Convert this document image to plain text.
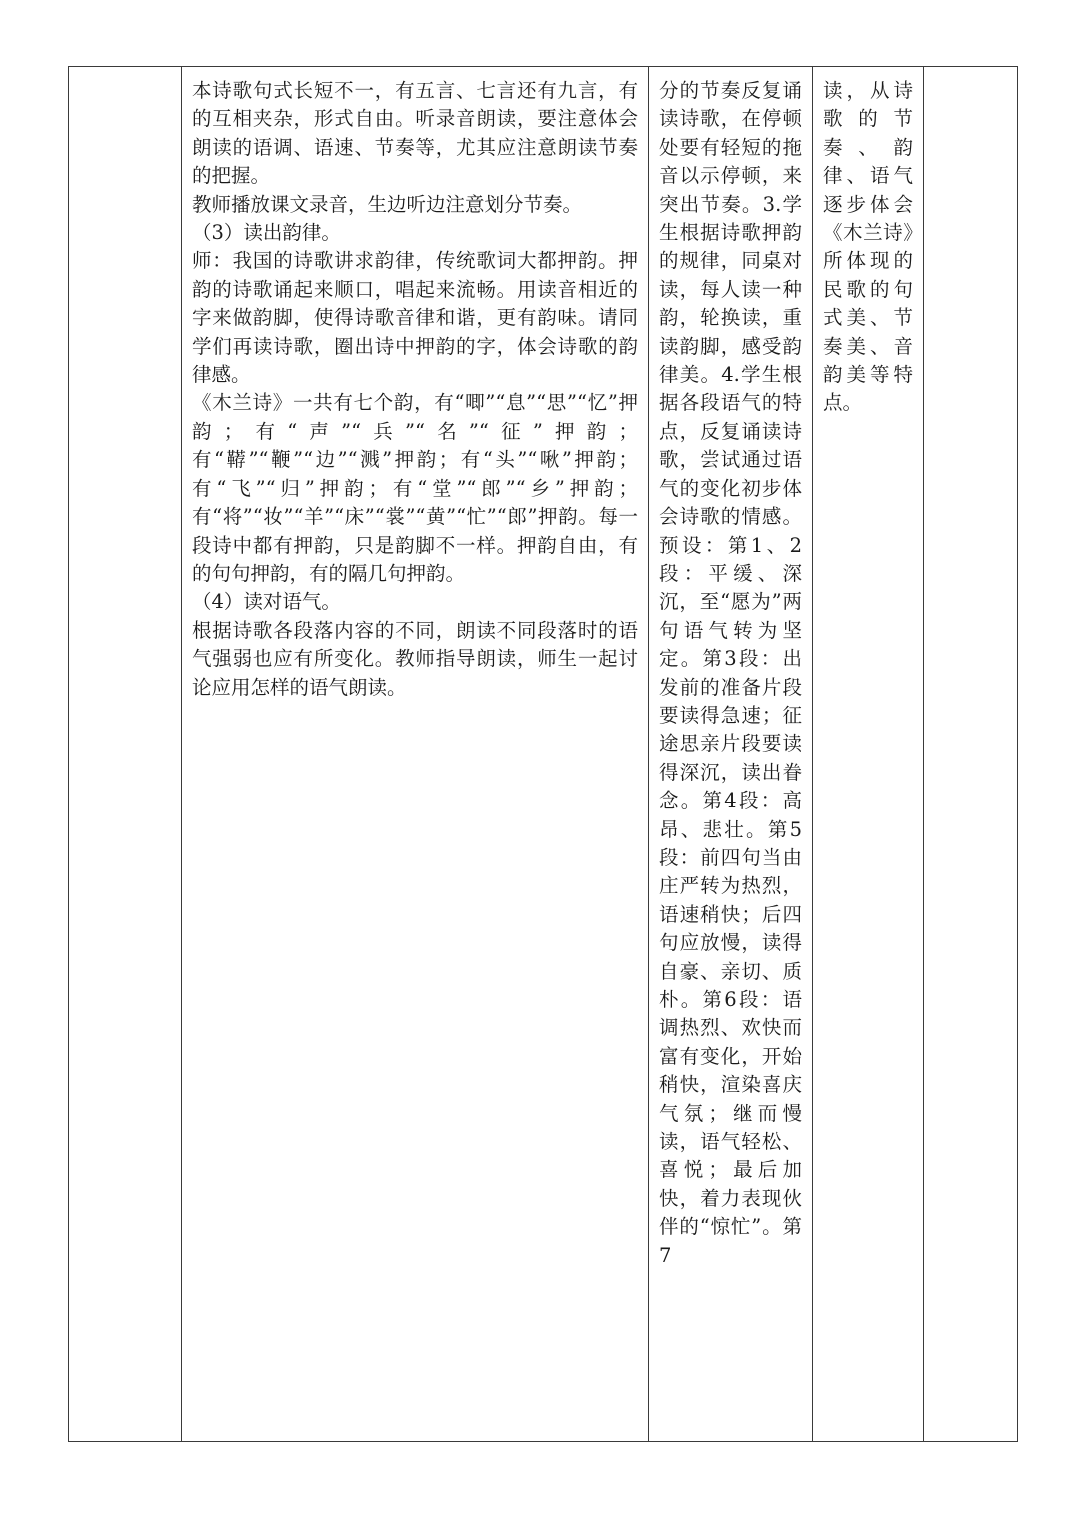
本诗歌句式长短不一，有五言、七言还有九言，有的互相夹杂，形式自由。听录音朗读，要注意体会朗读的语调、语速、节奏等，尤其应注意朗读节奏的把握。
教师播放课文录音，生边听边注意划分节奏。
（3）读出韵律。
师：我国的诗歌讲求韵律，传统歌词大都押韵。押韵的诗歌诵起来顺口，唱起来流畅。用读音相近的字来做韵脚，使得诗歌音律和谐，更有韵味。请同学们再读诗歌，圈出诗中押韵的字，体会诗歌的韵律感。
《木兰诗》一共有七个韵，有“唧”“息”“思”“忆”押韵；有“声”“兵”“名”“征”押韵；有“鞯”“鞭”“边”“溅”押韵；有“头”“啾”押韵；有“飞”“归”押韵；有“堂”“郎”“乡”押韵；有“将”“妆”“羊”“床”“裳”“黄”“忙”“郎”押韵。每一段诗中都有押韵，只是韵脚不一样。押韵自由，有的句句押韵，有的隔几句押韵。
（4）读对语气。
根据诗歌各段落内容的不同，朗读不同段落时的语气强弱也应有所变化。教师指导朗读，师生一起讨论应用怎样的语气朗读。

分的节奏反复诵读诗歌，在停顿处要有轻短的拖音以示停顿，来突出节奏。3.学生根据诗歌押韵的规律，同桌对读，每人读一种韵，轮换读，重读韵脚，感受韵律美。4.学生根据各段语气的特点，反复诵读诗歌，尝试通过语气的变化初步体会诗歌的情感。预设：第1、2段：平缓、深沉，至“愿为”两句语气转为坚定。第3段：出发前的准备片段要读得急速；征途思亲片段要读得深沉，读出眷念。第4段：高昂、悲壮。第5段：前四句当由庄严转为热烈，语速稍快；后四句应放慢，读得自豪、亲切、质朴。第6段：语调热烈、欢快而富有变化，开始稍快，渲染喜庆气氛；继而慢读，语气轻松、喜悦；最后加快，着力表现伙伴的“惊忙”。第7

读，从诗歌的节奏、韵律、语气逐步体会《木兰诗》所体现的民歌的句式美、节奏美、音韵美等特点。
